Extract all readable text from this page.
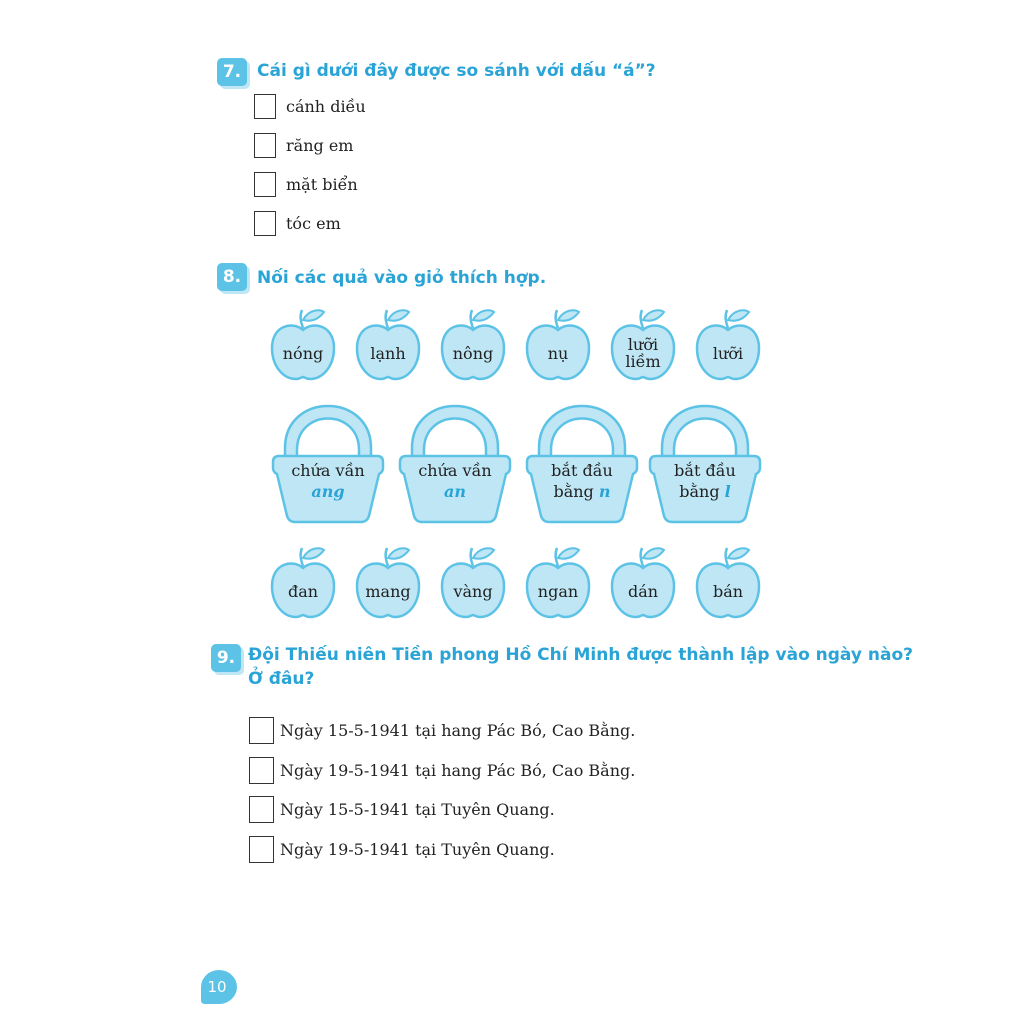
7. Cái gì dưới đây được so sánh với dấu “á”?
cánh diều
răng em
mặt biển
tóc em
8. Nối các quả vào giỏ thích hợp.
nóng	lạnh	nông	nụ	lưỡi liềm	lưỡi
chứa vần
ang
chứa vần
an
bắt đầu
bằng n
bắt đầu
bằng l
đan	mang	vàng	ngan	dán	bán
9. Đội Thiếu niên Tiền phong Hồ Chí Minh được thành lập vào ngày nào?
Ở đâu?
Ngày 15-5-1941 tại hang Pác Bó, Cao Bằng.
Ngày 19-5-1941 tại hang Pác Bó, Cao Bằng.
Ngày 15-5-1941 tại Tuyên Quang.
Ngày 19-5-1941 tại Tuyên Quang.
10
